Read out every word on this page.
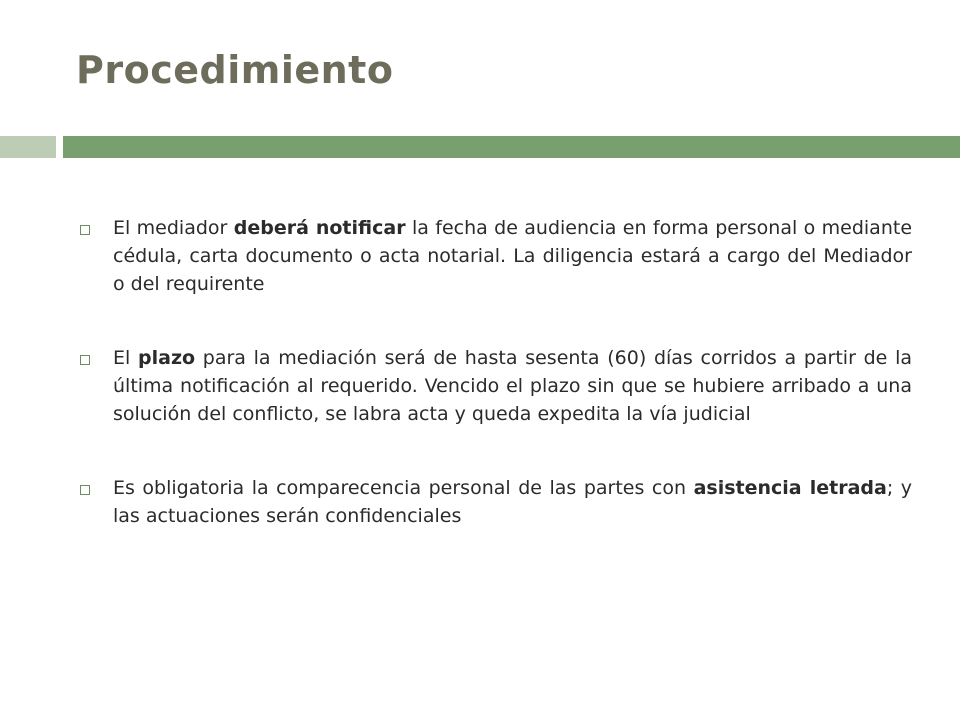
Procedimiento
El mediador deberá notificar la fecha de audiencia en forma personal o mediante cédula, carta documento o acta notarial. La diligencia estará a cargo del Mediador o del requirente
El plazo para la mediación será de hasta sesenta (60) días corridos a partir de la última notificación al requerido. Vencido el plazo sin que se hubiere arribado a una solución del conflicto, se labra acta y queda expedita la vía judicial
Es obligatoria la comparecencia personal de las partes con asistencia letrada; y las actuaciones serán confidenciales
